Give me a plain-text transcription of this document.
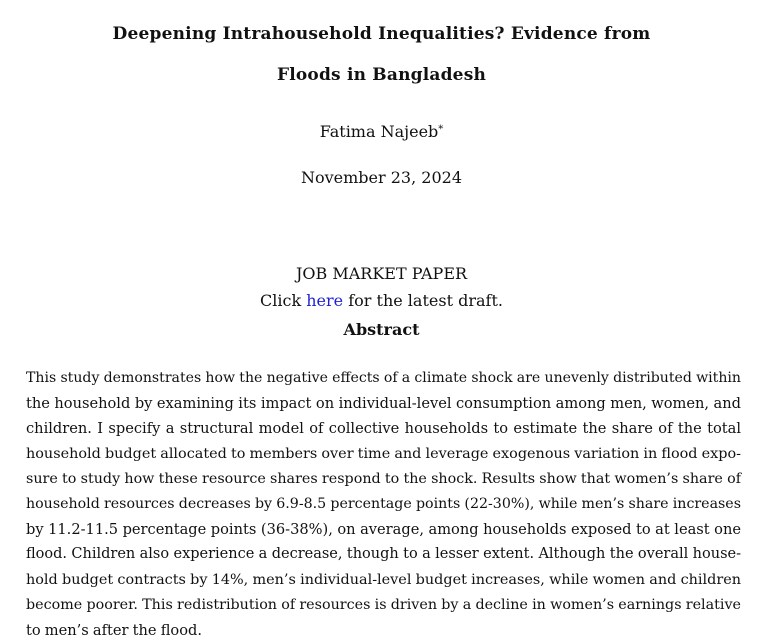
Deepening Intrahousehold Inequalities? Evidence from
Floods in Bangladesh
Fatima Najeeb*
November 23, 2024
JOB MARKET PAPER
Click here for the latest draft.
Abstract
This study demonstrates how the negative effects of a climate shock are unevenly distributed within
the household by examining its impact on individual-level consumption among men, women, and
children. I specify a structural model of collective households to estimate the share of the total
household budget allocated to members over time and leverage exogenous variation in flood expo-
sure to study how these resource shares respond to the shock. Results show that women’s share of
household resources decreases by 6.9-8.5 percentage points (22-30%), while men’s share increases
by 11.2-11.5 percentage points (36-38%), on average, among households exposed to at least one
flood. Children also experience a decrease, though to a lesser extent. Although the overall house-
hold budget contracts by 14%, men’s individual-level budget increases, while women and children
become poorer. This redistribution of resources is driven by a decline in women’s earnings relative
to men’s after the flood.
